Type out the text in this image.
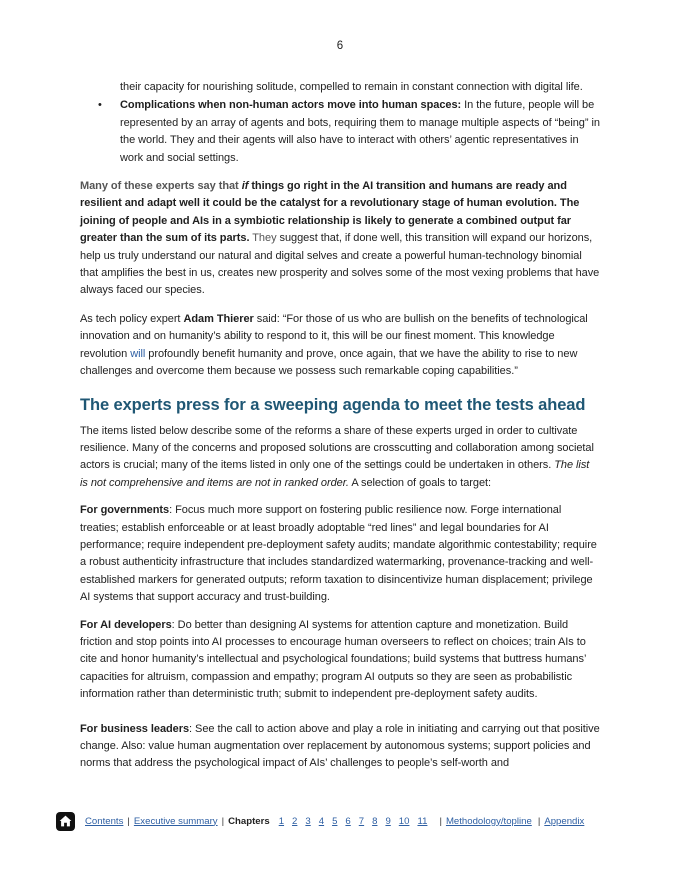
6

their capacity for nourishing solitude, compelled to remain in constant connection with digital life.

• Complications when non-human actors move into human spaces: In the future, people will be represented by an array of agents and bots, requiring them to manage multiple aspects of “being” in the world. They and their agents will also have to interact with others’ agentic representatives in work and social settings.

Many of these experts say that if things go right in the AI transition and humans are ready and resilient and adapt well it could be the catalyst for a revolutionary stage of human evolution. The joining of people and AIs in a symbiotic relationship is likely to generate a combined output far greater than the sum of its parts. They suggest that, if done well, this transition will expand our horizons, help us truly understand our natural and digital selves and create a powerful human-technology binomial that amplifies the best in us, creates new prosperity and solves some of the most vexing problems that have always faced our species.

As tech policy expert Adam Thierer said: “For those of us who are bullish on the benefits of technological innovation and on humanity’s ability to respond to it, this will be our finest moment. This knowledge revolution will profoundly benefit humanity and prove, once again, that we have the ability to rise to new challenges and overcome them because we possess such remarkable coping capabilities.”

The experts press for a sweeping agenda to meet the tests ahead

The items listed below describe some of the reforms a share of these experts urged in order to cultivate resilience. Many of the concerns and proposed solutions are crosscutting and collaboration among societal actors is crucial; many of the items listed in only one of the settings could be undertaken in others. The list is not comprehensive and items are not in ranked order. A selection of goals to target:

For governments: Focus much more support on fostering public resilience now. Forge international treaties; establish enforceable or at least broadly adoptable “red lines” and legal boundaries for AI performance; require independent pre-deployment safety audits; mandate algorithmic contestability; require a robust authenticity infrastructure that includes standardized watermarking, provenance-tracking and well-established markers for generated outputs; reform taxation to disincentivize human displacement; privilege AI systems that support accuracy and trust-building.

For AI developers: Do better than designing AI systems for attention capture and monetization. Build friction and stop points into AI processes to encourage human overseers to reflect on choices; train AIs to cite and honor humanity’s intellectual and psychological foundations; build systems that buttress humans’ capacities for altruism, compassion and empathy; program AI outputs so they are seen as probabilistic information rather than deterministic truth; submit to independent pre-deployment safety audits.

For business leaders: See the call to action above and play a role in initiating and carrying out that positive change. Also: value human augmentation over replacement by autonomous systems; support policies and norms that address the psychological impact of AIs’ challenges to people’s self-worth and

Contents | Executive summary | Chapters 1 2 3 4 5 6 7 8 9 10 11 | Methodology/topline | Appendix
